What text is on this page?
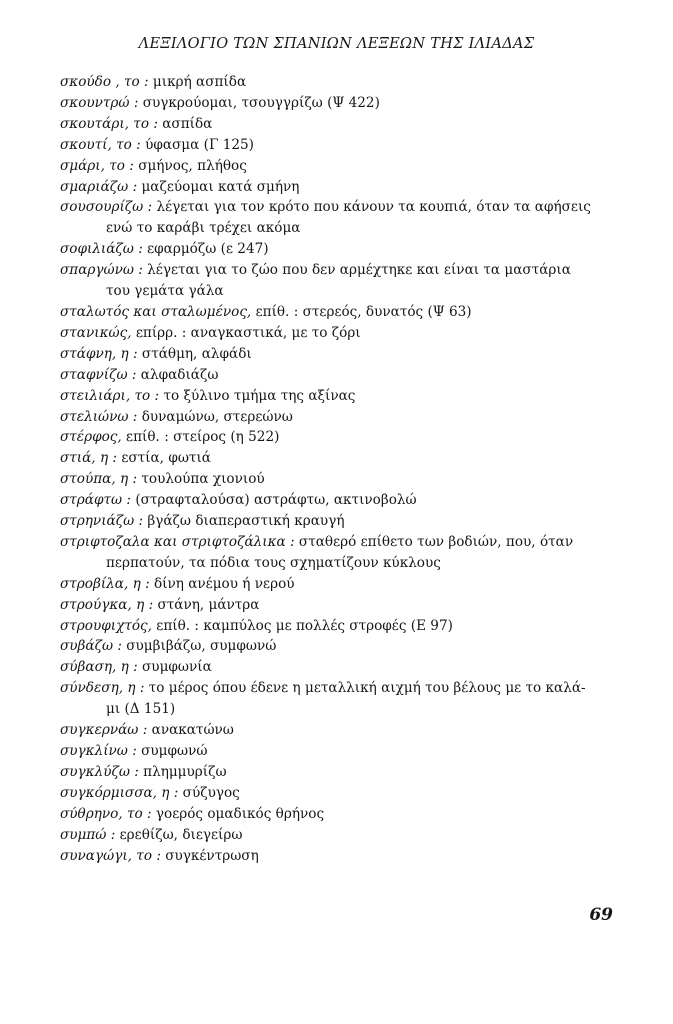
ΛΕΞΙΛΟΓΙΟ ΤΩΝ ΣΠΑΝΙΩΝ ΛΕΞΕΩΝ ΤΗΣ ΙΛΙΑΔΑΣ
σκούδο , το : μικρή ασπίδα
σκουντρώ : συγκρούομαι, τσουγγρίζω (Ψ 422)
σκουτάρι, το : ασπίδα
σκουτί, το : ύφασμα (Γ 125)
σμάρι, το : σμήνος, πλήθος
σμαριάζω : μαζεύομαι κατά σμήνη
σουσουρίζω : λέγεται για τον κρότο που κάνουν τα κουπιά, όταν τα αφήσεις
ενώ το καράβι τρέχει ακόμα
σοφιλιάζω : εφαρμόζω (ε 247)
σπαργώνω : λέγεται για το ζώο που δεν αρμέχτηκε και είναι τα μαστάρια
του γεμάτα γάλα
σταλωτός και σταλωμένος, επίθ. : στερεός, δυνατός (Ψ 63)
στανικώς, επίρρ. : αναγκαστικά, με το ζόρι
στάφνη, η : στάθμη, αλφάδι
σταφνίζω : αλφαδιάζω
στειλιάρι, το : το ξύλινο τμήμα της αξίνας
στελιώνω : δυναμώνω, στερεώνω
στέρφος, επίθ. : στείρος (η 522)
στιά, η : εστία, φωτιά
στούπα, η : τουλούπα χιονιού
στράφτω : (στραφταλούσα) αστράφτω, ακτινοβολώ
στρηνιάζω : βγάζω διαπεραστική κραυγή
στριφτοζαλα και στριφτοζάλικα : σταθερό επίθετο των βοδιών, που, όταν
περπατούν, τα πόδια τους σχηματίζουν κύκλους
στροβίλα, η : δίνη ανέμου ή νερού
στρούγκα, η : στάνη, μάντρα
στρουφιχτός, επίθ. : καμπύλος με πολλές στροφές (Ε 97)
συβάζω : συμβιβάζω, συμφωνώ
σύβαση, η : συμφωνία
σύνδεση, η : το μέρος όπου έδενε η μεταλλική αιχμή του βέλους με το καλά-
μι (Δ 151)
συγκερνάω : ανακατώνω
συγκλίνω : συμφωνώ
συγκλύζω : πλημμυρίζω
συγκόρμισσα, η : σύζυγος
σύθρηνο, το : γοερός ομαδικός θρήνος
συμπώ : ερεθίζω, διεγείρω
συναγώγι, το : συγκέντρωση
69
